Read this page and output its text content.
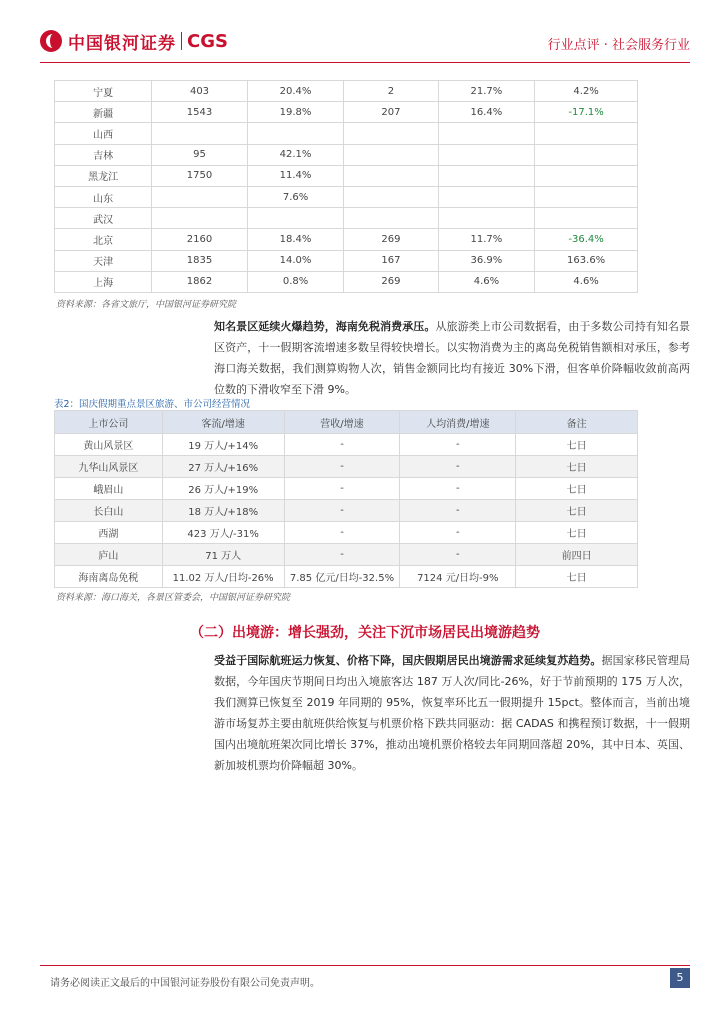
中国银河证券 CGS	行业点评 · 社会服务行业
宁夏	403	20.4%	2	21.7%	4.2%
新疆	1543	19.8%	207	16.4%	-17.1%
山西					
吉林	95	42.1%			
黑龙江	1750	11.4%			
山东		7.6%			
武汉					
北京	2160	18.4%	269	11.7%	-36.4%
天津	1835	14.0%	167	36.9%	163.6%
上海	1862	0.8%	269	4.6%	4.6%
资料来源：各省文旅厅，中国银河证券研究院
知名景区延续火爆趋势，海南免税消费承压。从旅游类上市公司数据看，由于多数公司持有知名景区资产，十一假期客流增速多数呈得较快增长。以实物消费为主的离岛免税销售额相对承压，参考海口海关数据，我们测算购物人次，销售金额同比均有接近 30%下滑，但客单价降幅收敛前高两位数的下滑收窄至下滑 9%。
表2：国庆假期重点景区旅游、市公司经营情况
上市公司	客流/增速	营收/增速	人均消费/增速	备注
黄山风景区	19 万人/+14%	-	-	七日
九华山风景区	27 万人/+16%	-	-	七日
峨眉山	26 万人/+19%	-	-	七日
长白山	18 万人/+18%	-	-	七日
西湖	423 万人/-31%	-	-	七日
庐山	71 万人	-	-	前四日
海南离岛免税	11.02 万人/日均-26%	7.85 亿元/日均-32.5%	7124 元/日均-9%	七日
资料来源：海口海关，各景区管委会，中国银河证券研究院
（二）出境游：增长强劲，关注下沉市场居民出境游趋势
受益于国际航班运力恢复、价格下降，国庆假期居民出境游需求延续复苏趋势。据国家移民管理局数据，今年国庆节期间日均出入境旅客达 187 万人次/同比-26%，好于节前预期的 175 万人次，我们测算已恢复至 2019 年同期的 95%，恢复率环比五一假期提升 15pct。整体而言，当前出境游市场复苏主要由航班供给恢复与机票价格下跌共同驱动：据 CADAS 和携程预订数据，十一假期国内出境航班架次同比增长 37%，推动出境机票价格较去年同期回落超 20%，其中日本、英国、新加坡机票均价降幅超 30%。
请务必阅读正文最后的中国银河证券股份有限公司免责声明。	5
